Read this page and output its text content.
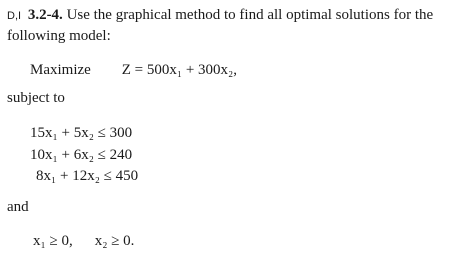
D,I 3.2-4. Use the graphical method to find all optimal solutions for the following model:
Maximize Z = 500x₁ + 300x₂,
subject to
15x₁ + 5x₂ ≤ 300
10x₁ + 6x₂ ≤ 240
8x₁ + 12x₂ ≤ 450
and
x₁ ≥ 0, x₂ ≥ 0.
